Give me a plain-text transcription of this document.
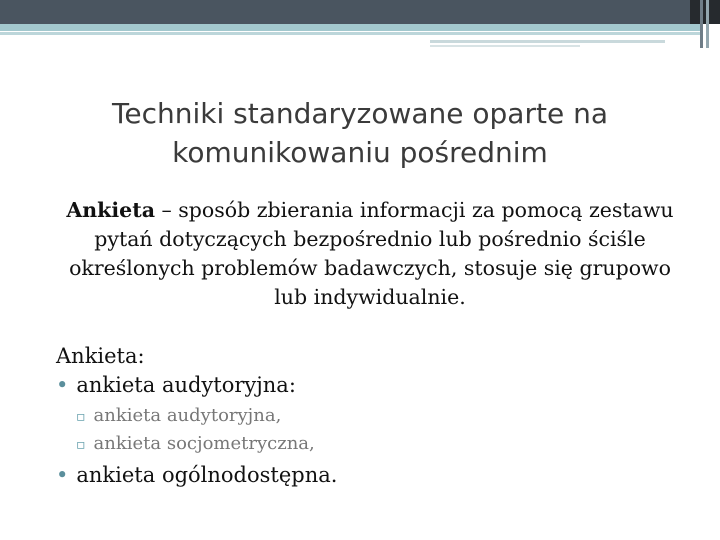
Techniki standaryzowane oparte na komunikowaniu pośrednim

Ankieta – sposób zbierania informacji za pomocą zestawu pytań dotyczących bezpośrednio lub pośrednio ściśle określonych problemów badawczych, stosuje się grupowo lub indywidualnie.

Ankieta:

• ankieta audytoryjna:
▫ ankieta audytoryjna,
▫ ankieta socjometryczna,
• ankieta ogólnodostępna.
